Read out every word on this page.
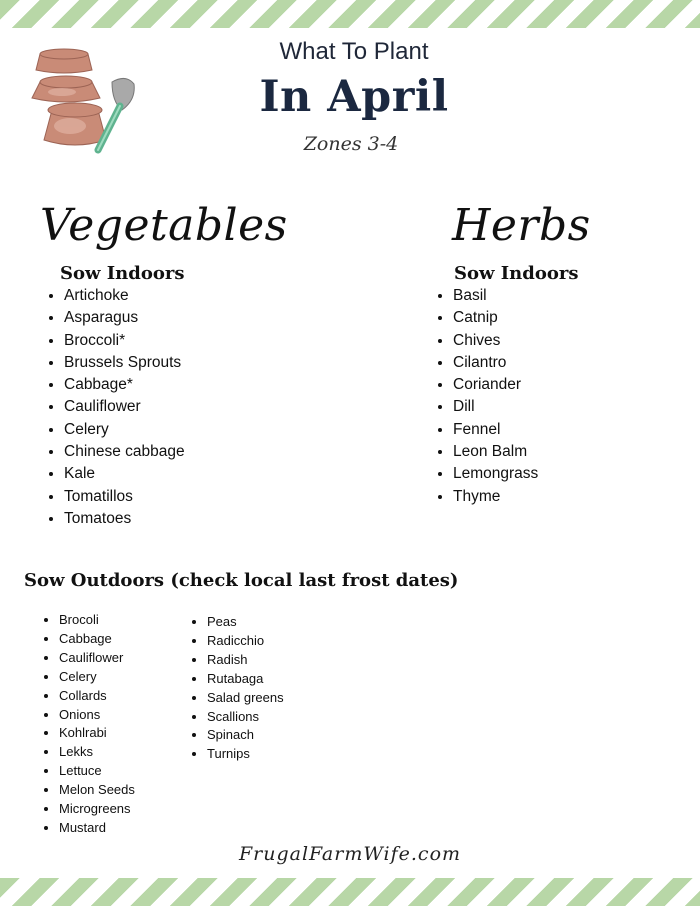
What To Plant
In April
Zones 3-4
Vegetables
Sow Indoors
• Artichoke
• Asparagus
• Broccoli*
• Brussels Sprouts
• Cabbage*
• Cauliflower
• Celery
• Chinese cabbage
• Kale
• Tomatillos
• Tomatoes
Herbs
Sow Indoors
• Basil
• Catnip
• Chives
• Cilantro
• Coriander
• Dill
• Fennel
• Leon Balm
• Lemongrass
• Thyme
Sow Outdoors (check local last frost dates)
• Brocoli
• Cabbage
• Cauliflower
• Celery
• Collards
• Onions
• Kohlrabi
• Lekks
• Lettuce
• Melon Seeds
• Microgreens
• Mustard
• Peas
• Radicchio
• Radish
• Rutabaga
• Salad greens
• Scallions
• Spinach
• Turnips
FrugalFarmWife.com
